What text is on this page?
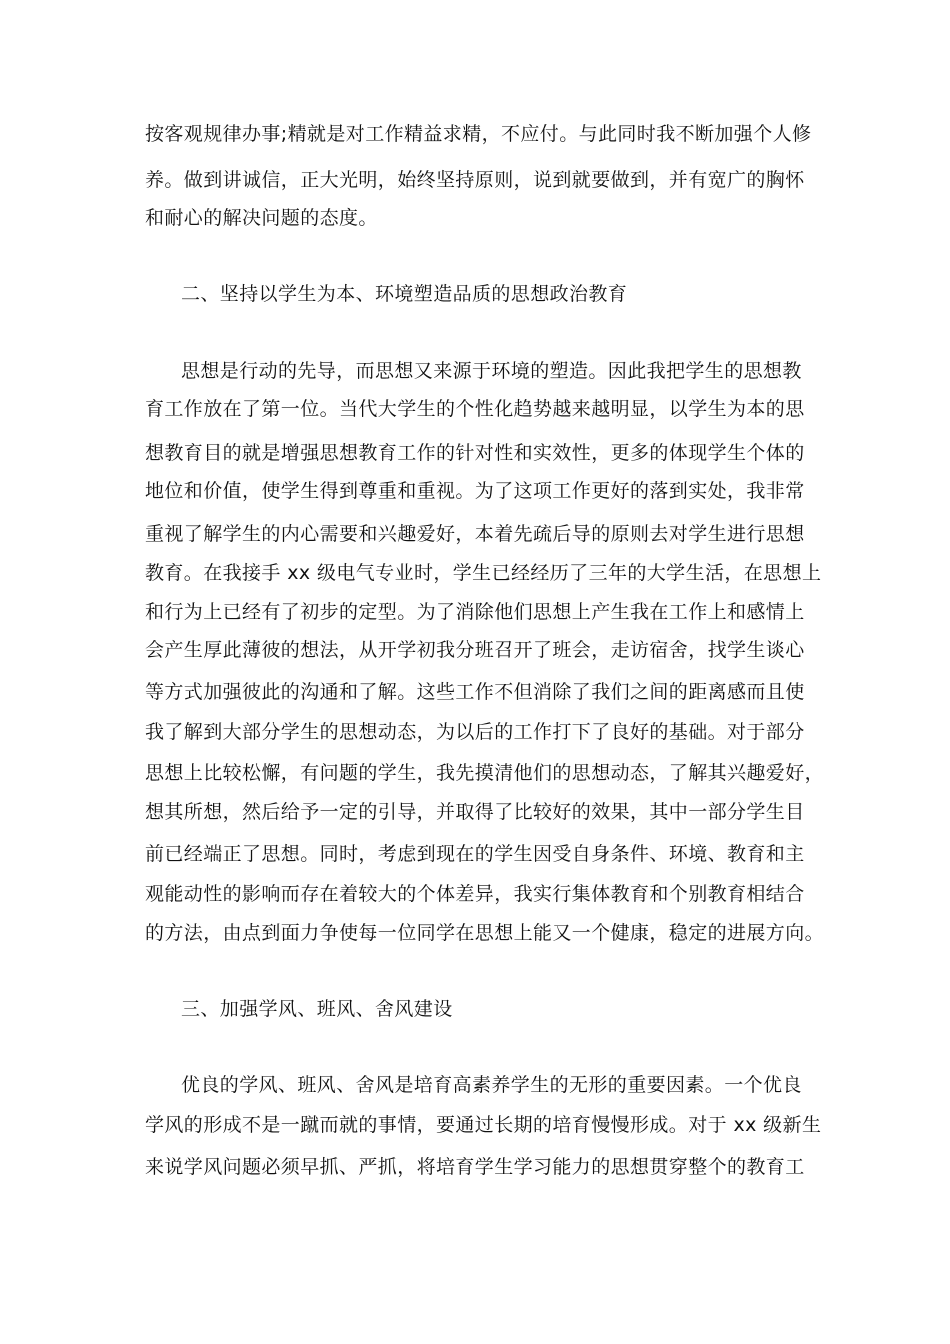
按客观规律办事;精就是对工作精益求精，不应付。与此同时我不断加强个人修
养。做到讲诚信，正大光明，始终坚持原则，说到就要做到，并有宽广的胸怀
和耐心的解决问题的态度。
二、坚持以学生为本、环境塑造品质的思想政治教育
思想是行动的先导，而思想又来源于环境的塑造。因此我把学生的思想教
育工作放在了第一位。当代大学生的个性化趋势越来越明显，以学生为本的思
想教育目的就是增强思想教育工作的针对性和实效性，更多的体现学生个体的
地位和价值，使学生得到尊重和重视。为了这项工作更好的落到实处，我非常
重视了解学生的内心需要和兴趣爱好，本着先疏后导的原则去对学生进行思想
教育。在我接手 xx 级电气专业时，学生已经经历了三年的大学生活，在思想上
和行为上已经有了初步的定型。为了消除他们思想上产生我在工作上和感情上
会产生厚此薄彼的想法，从开学初我分班召开了班会，走访宿舍，找学生谈心
等方式加强彼此的沟通和了解。这些工作不但消除了我们之间的距离感而且使
我了解到大部分学生的思想动态，为以后的工作打下了良好的基础。对于部分
思想上比较松懈，有问题的学生，我先摸清他们的思想动态，了解其兴趣爱好，
想其所想，然后给予一定的引导，并取得了比较好的效果，其中一部分学生目
前已经端正了思想。同时，考虑到现在的学生因受自身条件、环境、教育和主
观能动性的影响而存在着较大的个体差异，我实行集体教育和个别教育相结合
的方法，由点到面力争使每一位同学在思想上能又一个健康，稳定的进展方向。
三、加强学风、班风、舍风建设
优良的学风、班风、舍风是培育高素养学生的无形的重要因素。一个优良
学风的形成不是一蹴而就的事情，要通过长期的培育慢慢形成。对于 xx 级新生
来说学风问题必须早抓、严抓，将培育学生学习能力的思想贯穿整个的教育工
